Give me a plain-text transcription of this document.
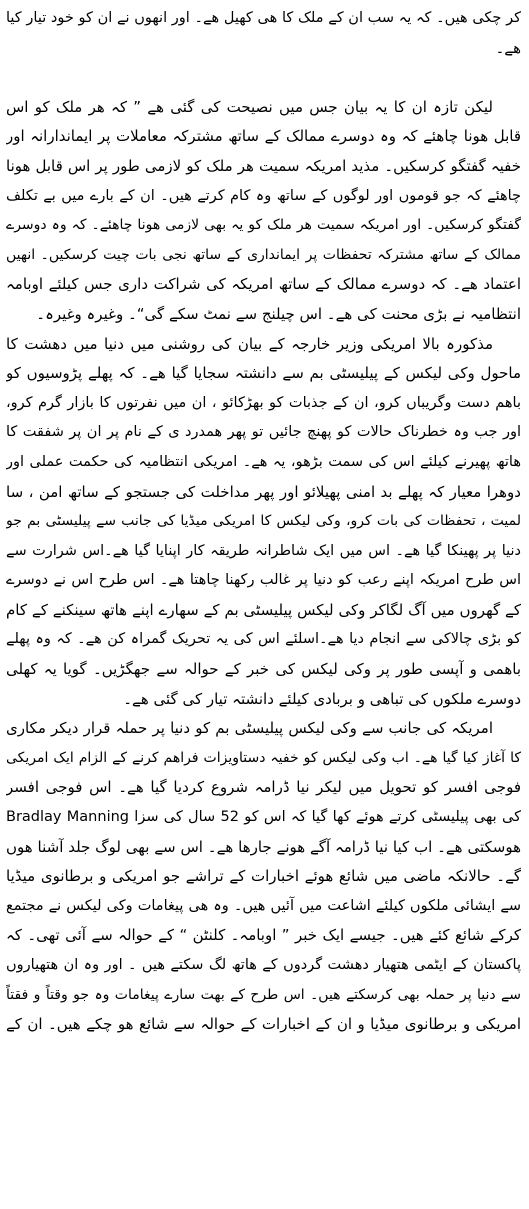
کر چکی ھیں۔ کہ یہ سب ان کے ملک کا ھی کھیل ھے۔ اور انھوں نے ان کو خود تیار کیا
ھے۔
لیکن تازہ ان کا یہ بیان جس میں نصیحت کی گئی ھے ” کہ ھر ملک کو اس
قابل ھونا چاھئے کہ وہ دوسرے ممالک کے ساتھ مشترکہ معاملات پر ایماندارانہ اور
خفیہ گفتگو کرسکیں۔ مذید امریکہ سمیت ھر ملک کو لازمی طور پر اس قابل ھونا
چاھئے کہ جو قوموں اور لوگوں کے ساتھ وہ کام کرتے ھیں۔ ان کے بارے میں بے تکلف
گفتگو کرسکیں۔ اور امریکہ سمیت ھر ملک کو یہ بھی لازمی ھونا چاھئے۔ کہ وہ دوسرے
ممالک کے ساتھ مشترکہ تحفظات پر ایمانداری کے ساتھ نجی بات چیت کرسکیں۔ انھیں
اعتماد ھے۔ کہ دوسرے ممالک کے ساتھ امریکہ کی شراکت داری جس کیلئے اوبامہ
انتظامیہ نے بڑی محنت کی ھے۔ اس چیلنج سے نمٹ سکے گی“۔ وغیرہ وغیرہ۔
مذکورہ بالا امریکی وزیر خارجہ کے بیان کی روشنی میں دنیا میں دھشت کا
ماحول وکی لیکس کے پیلیسٹی بم سے دانشتہ سجایا گیا ھے۔ کہ پھلے پڑوسیوں کو
باھم دست وگریباں کرو، ان کے جذبات کو بھڑکائو ، ان میں نفرتوں کا بازار گرم کرو،
اور جب وہ خطرناک حالات کو پھنچ جائیں تو پھر ھمدرد ی کے نام پر ان پر شفقت کا
ھاتھ پھیرنے کیلئے اس کی سمت بڑھو، یہ ھے۔ امریکی انتظامیہ کی حکمت عملی اور
دوھرا معیار کہ پھلے بد امنی پھیلائو اور پھر مداخلت کی جستجو کے ساتھ امن ، سا
لمیت ، تحفظات کی بات کرو، وکی لیکس کا امریکی میڈیا کی جانب سے پیلیسٹی بم جو
دنیا پر پھینکا گیا ھے۔ اس میں ایک شاطرانہ طریقہ کار اپنایا گیا ھے۔اس شرارت سے
اس طرح امریکہ اپنے رعب کو دنیا پر غالب رکھنا چاھتا ھے۔ اس طرح اس نے دوسرے
کے گھروں میں آگ لگاکر وکی لیکس پیلیسٹی بم کے سھارے اپنے ھاتھ سینکنے کے کام
کو بڑی چالاکی سے انجام دیا ھے۔اسلئے اس کی یہ تحریک گمراہ کن ھے۔ کہ وہ پھلے
باھمی و آپسی طور پر وکی لیکس کی خبر کے حوالہ سے جھگڑیں۔ گویا یہ کھلی
دوسرے ملکوں کی تباھی و بربادی کیلئے دانشتہ تیار کی گئی ھے۔
امریکہ کی جانب سے وکی لیکس پیلیسٹی بم کو دنیا پر حملہ قرار دیکر مکاری
کا آغاز کیا گیا ھے۔ اب وکی لیکس کو خفیہ دستاویزات فراھم کرنے کے الزام ایک امریکی
فوجی افسر کو تحویل میں لیکر نیا ڈرامہ شروع کردیا گیا ھے۔ اس فوجی افسر
کی بھی پیلیسٹی کرتے ھوئے کھا گیا کہ اس کو 52 سال کی سزا Bradlay Manning
ھوسکتی ھے۔ اب کیا نیا ڈرامہ آگے ھونے جارھا ھے۔ اس سے بھی لوگ جلد آشنا ھوں
گے۔ حالانکہ ماضی میں شائع ھوئے اخبارات کے تراشے جو امریکی و برطانوی میڈیا
سے ایشائی ملکوں کیلئے اشاعت میں آئیں ھیں۔ وہ ھی پیغامات وکی لیکس نے مجتمع
کرکے شائع کئے ھیں۔ جیسے ایک خبر ” اوبامہ۔ کلنٹن “ کے حوالہ سے آئی تھی۔ کہ
پاکستان کے ایٹمی ھتھیار دھشت گردوں کے ھاتھ لگ سکتے ھیں ۔ اور وہ ان ھتھیاروں
سے دنیا پر حملہ بھی کرسکتے ھیں۔ اس طرح کے بھت سارے پیغامات وہ جو وقتاً و فقتاً
امریکی و برطانوی میڈیا و ان کے اخبارات کے حوالہ سے شائع ھو چکے ھیں۔ ان کے
